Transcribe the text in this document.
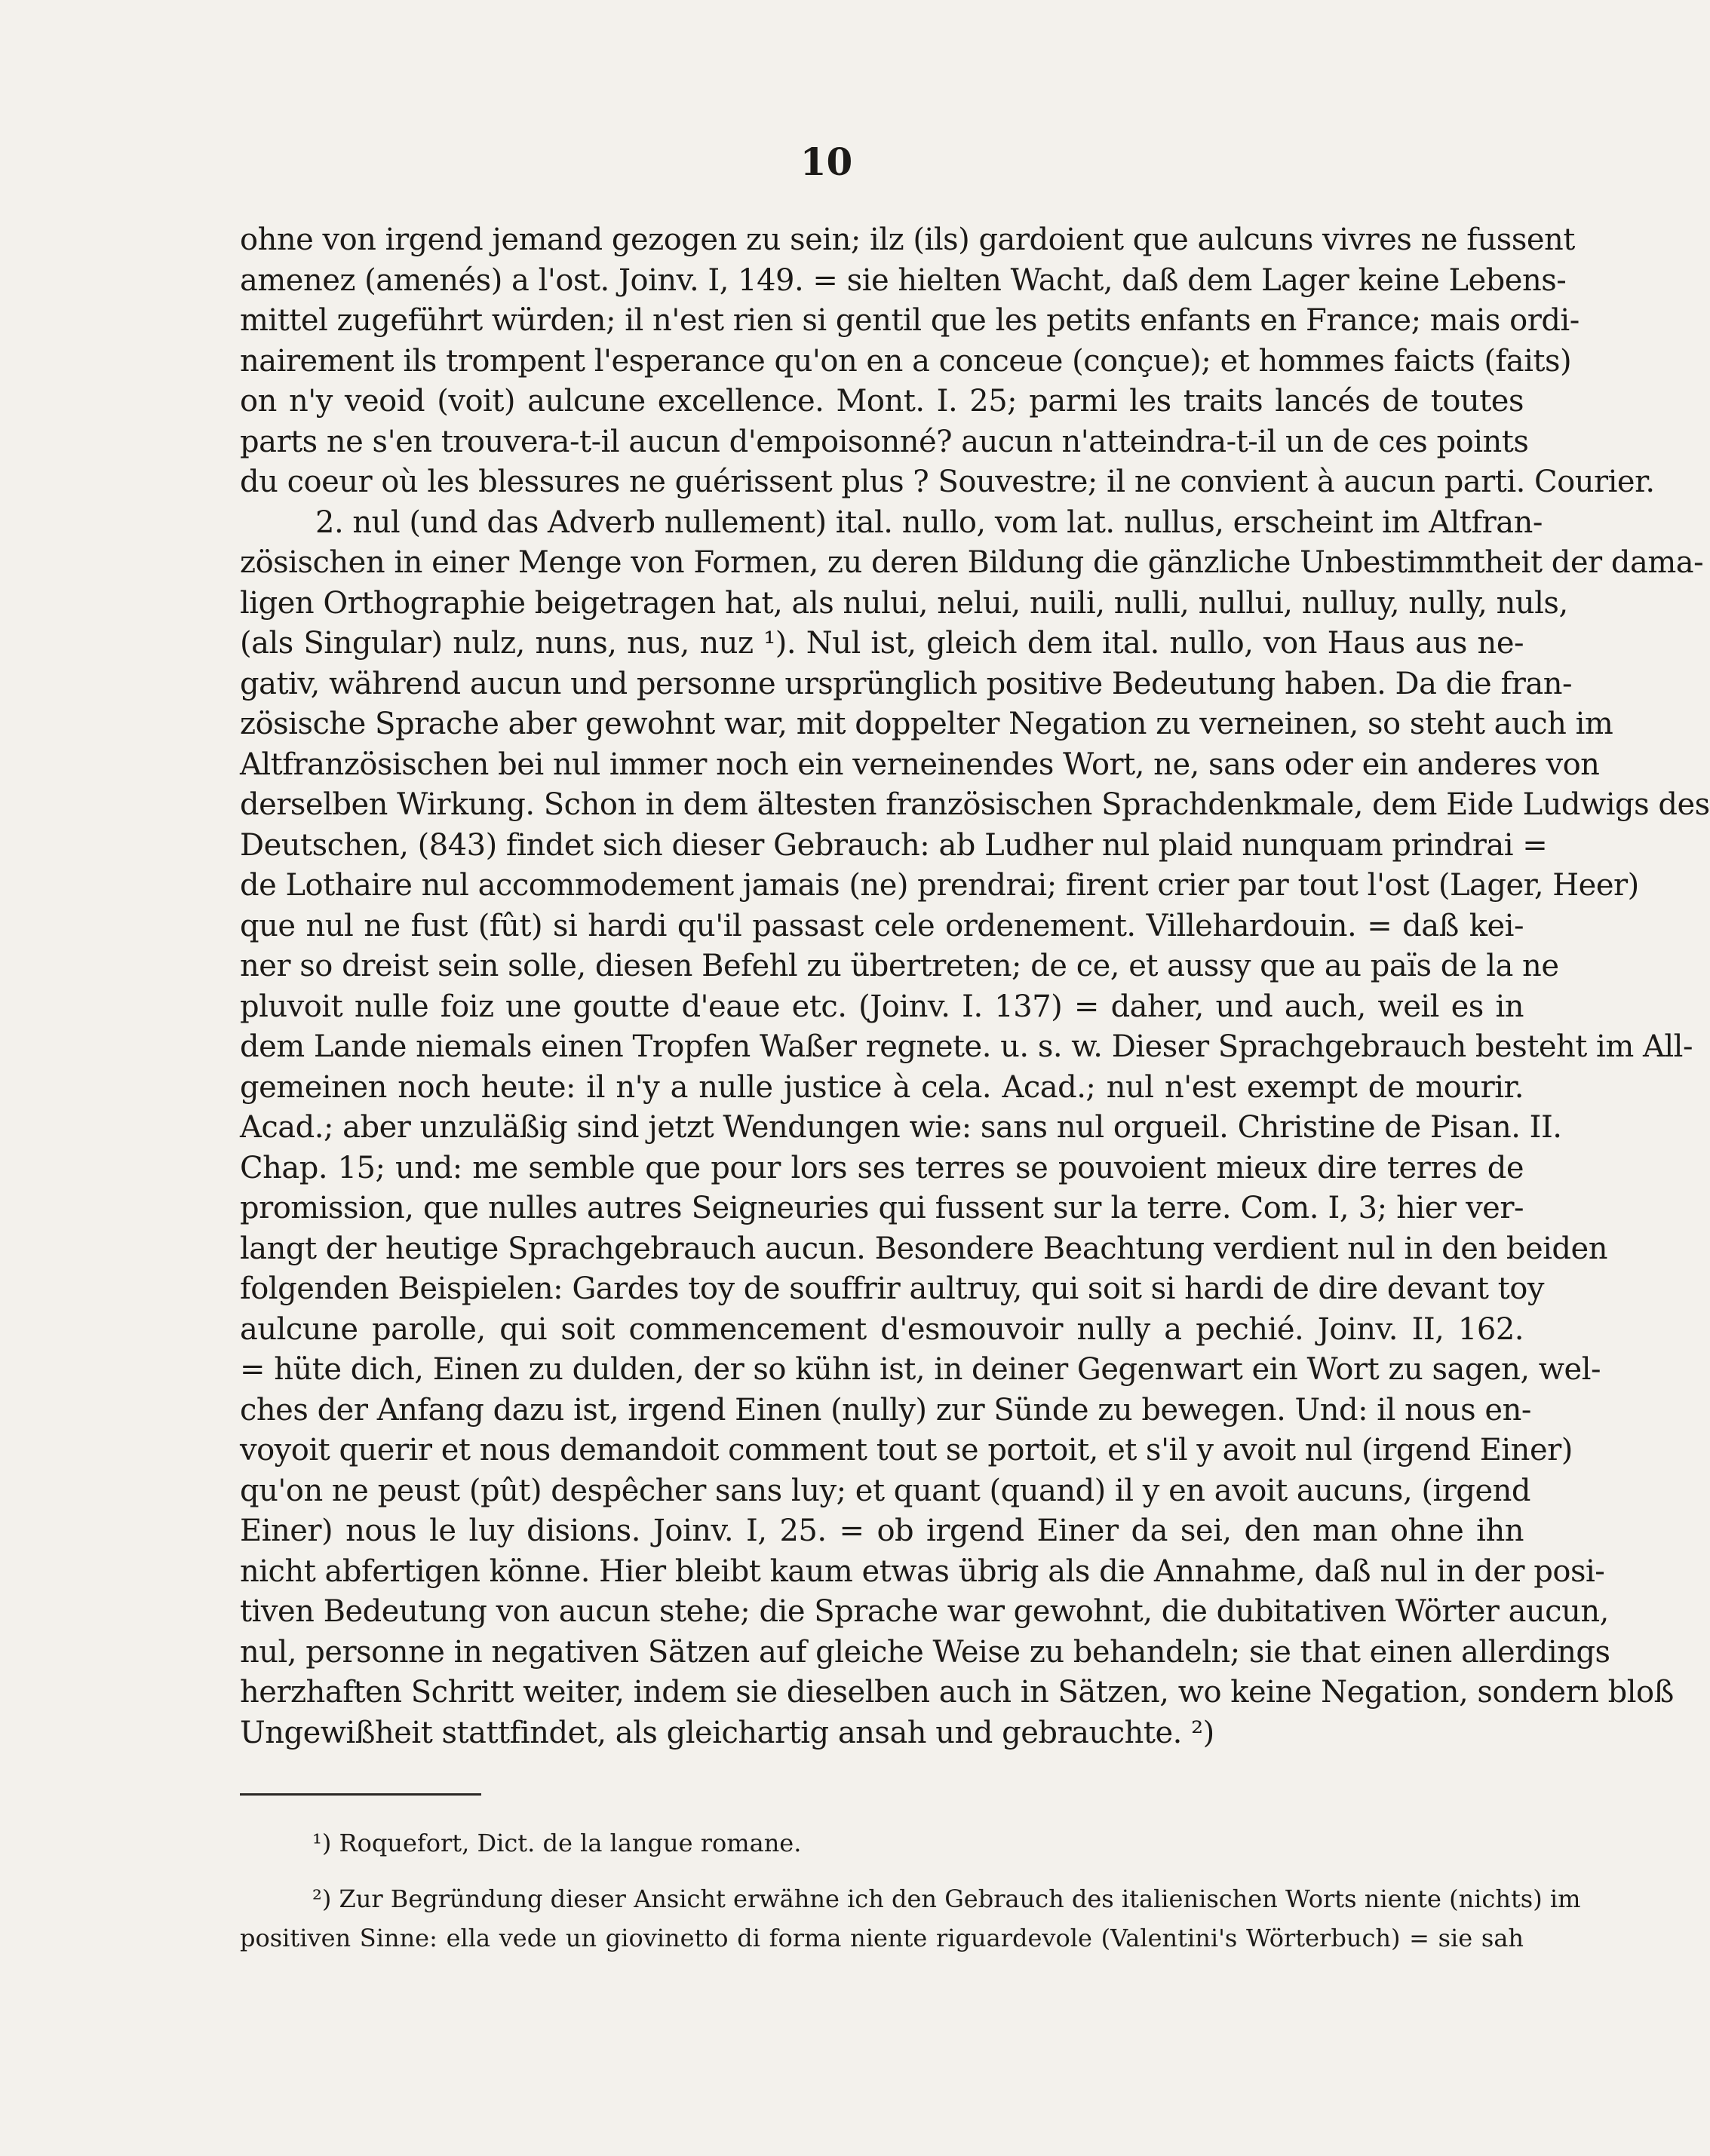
10
ohne von irgend jemand gezogen zu sein; ilz (ils) gardoient que aulcuns vivres ne fussent
amenez (amenés) a l'ost. Joinv. I, 149. = sie hielten Wacht, daß dem Lager keine Lebens-
mittel zugeführt würden; il n'est rien si gentil que les petits enfants en France; mais ordi-
nairement ils trompent l'esperance qu'on en a conceue (conçue); et hommes faicts (faits)
on n'y veoid (voit) aulcune excellence. Mont. I. 25; parmi les traits lancés de toutes
parts ne s'en trouvera-t-il aucun d'empoisonné? aucun n'atteindra-t-il un de ces points
du coeur où les blessures ne guérissent plus ? Souvestre; il ne convient à aucun parti. Courier.
2. nul (und das Adverb nullement) ital. nullo, vom lat. nullus, erscheint im Altfran-
zösischen in einer Menge von Formen, zu deren Bildung die gänzliche Unbestimmtheit der dama-
ligen Orthographie beigetragen hat, als nului, nelui, nuili, nulli, nullui, nulluy, nully, nuls,
(als Singular) nulz, nuns, nus, nuz ¹). Nul ist, gleich dem ital. nullo, von Haus aus ne-
gativ, während aucun und personne ursprünglich positive Bedeutung haben. Da die fran-
zösische Sprache aber gewohnt war, mit doppelter Negation zu verneinen, so steht auch im
Altfranzösischen bei nul immer noch ein verneinendes Wort, ne, sans oder ein anderes von
derselben Wirkung. Schon in dem ältesten französischen Sprachdenkmale, dem Eide Ludwigs des
Deutschen, (843) findet sich dieser Gebrauch: ab Ludher nul plaid nunquam prindrai =
de Lothaire nul accommodement jamais (ne) prendrai; firent crier par tout l'ost (Lager, Heer)
que nul ne fust (fût) si hardi qu'il passast cele ordenement. Villehardouin. = daß kei-
ner so dreist sein solle, diesen Befehl zu übertreten; de ce, et aussy que au païs de la ne
pluvoit nulle foiz une goutte d'eaue etc. (Joinv. I. 137) = daher, und auch, weil es in
dem Lande niemals einen Tropfen Waßer regnete. u. s. w. Dieser Sprachgebrauch besteht im All-
gemeinen noch heute: il n'y a nulle justice à cela. Acad.; nul n'est exempt de mourir.
Acad.; aber unzuläßig sind jetzt Wendungen wie: sans nul orgueil. Christine de Pisan. II.
Chap. 15; und: me semble que pour lors ses terres se pouvoient mieux dire terres de
promission, que nulles autres Seigneuries qui fussent sur la terre. Com. I, 3; hier ver-
langt der heutige Sprachgebrauch aucun. Besondere Beachtung verdient nul in den beiden
folgenden Beispielen: Gardes toy de souffrir aultruy, qui soit si hardi de dire devant toy
aulcune parolle, qui soit commencement d'esmouvoir nully a pechié. Joinv. II, 162.
= hüte dich, Einen zu dulden, der so kühn ist, in deiner Gegenwart ein Wort zu sagen, wel-
ches der Anfang dazu ist, irgend Einen (nully) zur Sünde zu bewegen. Und: il nous en-
voyoit querir et nous demandoit comment tout se portoit, et s'il y avoit nul (irgend Einer)
qu'on ne peust (pût) despêcher sans luy; et quant (quand) il y en avoit aucuns, (irgend
Einer) nous le luy disions. Joinv. I, 25. = ob irgend Einer da sei, den man ohne ihn
nicht abfertigen könne. Hier bleibt kaum etwas übrig als die Annahme, daß nul in der posi-
tiven Bedeutung von aucun stehe; die Sprache war gewohnt, die dubitativen Wörter aucun,
nul, personne in negativen Sätzen auf gleiche Weise zu behandeln; sie that einen allerdings
herzhaften Schritt weiter, indem sie dieselben auch in Sätzen, wo keine Negation, sondern bloß
Ungewißheit stattfindet, als gleichartig ansah und gebrauchte. ²)
¹) Roquefort, Dict. de la langue romane.
²) Zur Begründung dieser Ansicht erwähne ich den Gebrauch des italienischen Worts niente (nichts) im
positiven Sinne: ella vede un giovinetto di forma niente riguardevole (Valentini's Wörterbuch) = sie sah
